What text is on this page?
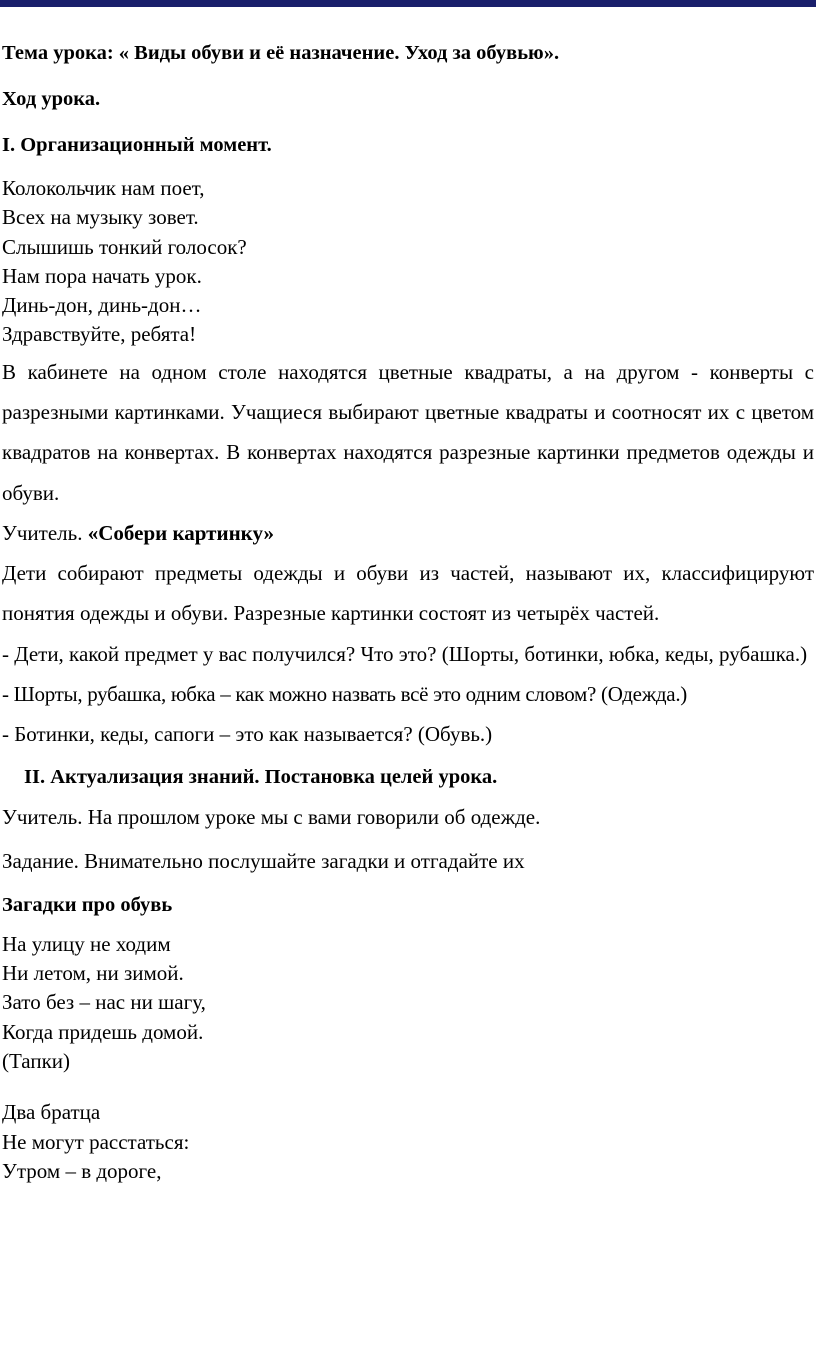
Тема урока: « Виды обуви и её назначение. Уход за обувью».

Ход урока.

I. Организационный момент.

Колокольчик нам поет,

Всех на музыку зовет.

Слышишь тонкий голосок?

Нам пора начать урок.

Динь-дон, динь-дон…

Здравствуйте, ребята!

В кабинете на одном столе находятся цветные квадраты, а на другом - конверты с разрезными картинками. Учащиеся выбирают цветные квадраты и соотносят их с цветом квадратов на конвертах. В конвертах находятся разрезные картинки предметов одежды и обуви.

Учитель. «Собери картинку»

Дети собирают предметы одежды и обуви из частей, называют их, классифицируют понятия одежды и обуви. Разрезные картинки состоят из четырёх частей.

- Дети, какой предмет у вас получился? Что это? (Шорты, ботинки, юбка, кеды, рубашка.)

- Шорты, рубашка, юбка – как можно назвать всё это одним словом? (Одежда.)

- Ботинки, кеды, сапоги – это как называется? (Обувь.)

II. Актуализация знаний. Постановка целей урока.

Учитель. На прошлом уроке мы с вами говорили об одежде.

Задание. Внимательно послушайте загадки и отгадайте их

Загадки про обувь

На улицу не ходим

Ни летом, ни зимой.

Зато без – нас ни шагу,

Когда придешь домой.

(Тапки)

Два братца

Не могут расстаться:

Утром – в дороге,
